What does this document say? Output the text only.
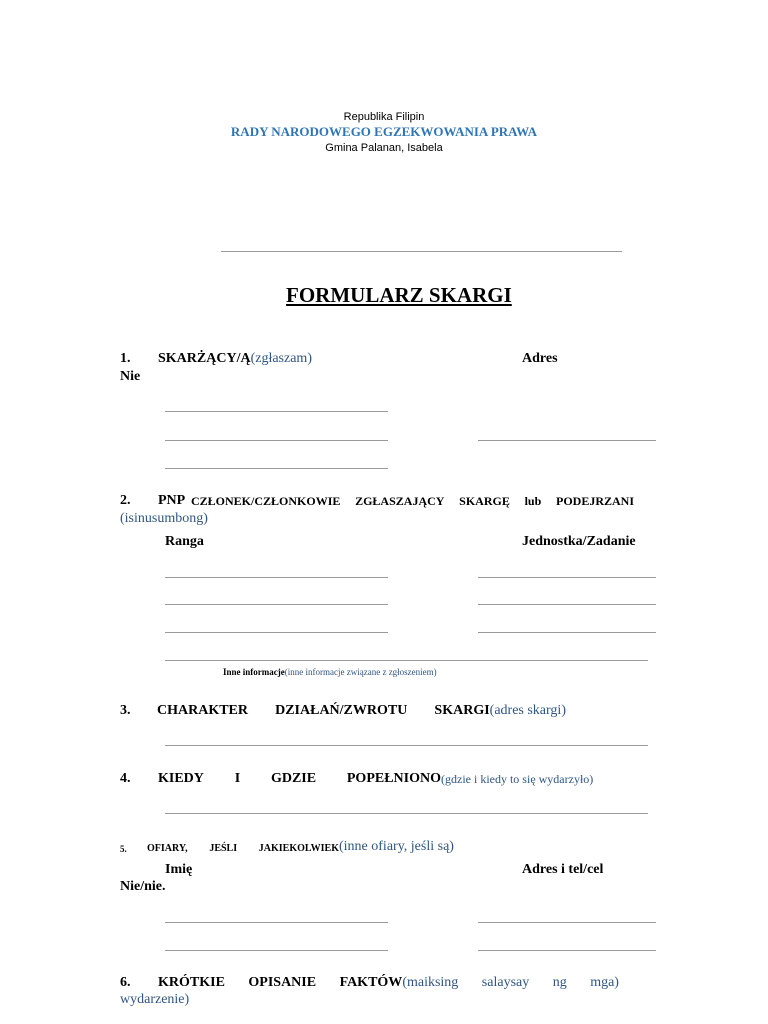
Republika Filipin
RADY NARODOWEGO EGZEKWOWANIA PRAWA
Gmina Palanan, Isabela
FORMULARZ SKARGI
1. SKARŻĄCY/Ą(zgłaszam)	Adres
Nie
2. PNP CZŁONEK/CZŁONKOWIE ZGŁASZAJĄCY SKARGĘ lub PODEJRZANI
(isinusumbong)
Ranga	Jednostka/Zadanie
Inne informacje(inne informacje związane z zgłoszeniem)
3. CHARAKTER DZIAŁAŃ/ZWROTU SKARGI(adres skargi)
4. KIEDY I GDZIE POPEŁNIONO (gdzie i kiedy to się wydarzyło)
5. OFIARY, JEŚLI JAKIEKOLWIEK (inne ofiary, jeśli są)
Imię	Adres i tel/cel
Nie/nie.
6. KRÓTKIE OPISANIE FAKTÓW(maiksing salaysay ng mga)
wydarzenie)
